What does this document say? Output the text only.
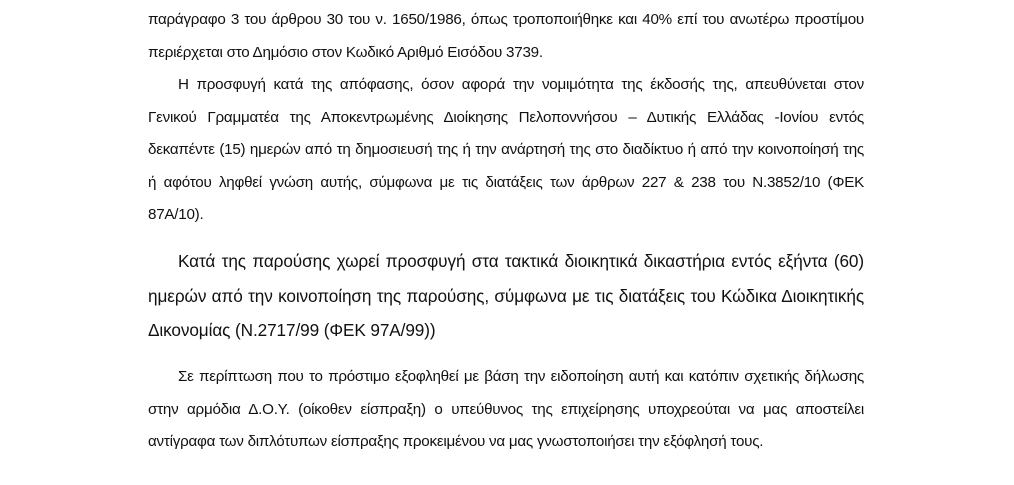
παράγραφο 3 του άρθρου 30 του ν. 1650/1986, όπως τροποποιήθηκε και 40% επί του ανωτέρω προστίμου περιέρχεται στο Δημόσιο στον Κωδικό Αριθμό Εισόδου 3739.

Η προσφυγή κατά της απόφασης, όσον αφορά την νομιμότητα της έκδοσής της, απευθύνεται στον Γενικού Γραμματέα της Αποκεντρωμένης Διοίκησης Πελοποννήσου – Δυτικής Ελλάδας -Ιονίου εντός δεκαπέντε (15) ημερών από τη δημοσιευσή της ή την ανάρτησή της στο διαδίκτυο ή από την κοινοποίησή της ή αφότου ληφθεί γνώση αυτής, σύμφωνα με τις διατάξεις των άρθρων 227 & 238 του Ν.3852/10 (ΦΕΚ 87Α/10).

Κατά της παρούσης χωρεί προσφυγή στα τακτικά διοικητικά δικαστήρια εντός εξήντα (60) ημερών από την κοινοποίηση της παρούσης, σύμφωνα με τις διατάξεις του Κώδικα Διοικητικής Δικονομίας (Ν.2717/99 (ΦΕΚ 97Α/99))

Σε περίπτωση που το πρόστιμο εξοφληθεί με βάση την ειδοποίηση αυτή και κατόπιν σχετικής δήλωσης στην αρμόδια Δ.Ο.Υ. (οίκοθεν είσπραξη) ο υπεύθυνος της επιχείρησης υποχρεούται να μας αποστείλει αντίγραφα των διπλότυπων είσπραξης προκειμένου να μας γνωστοποιήσει την εξόφλησή τους.
